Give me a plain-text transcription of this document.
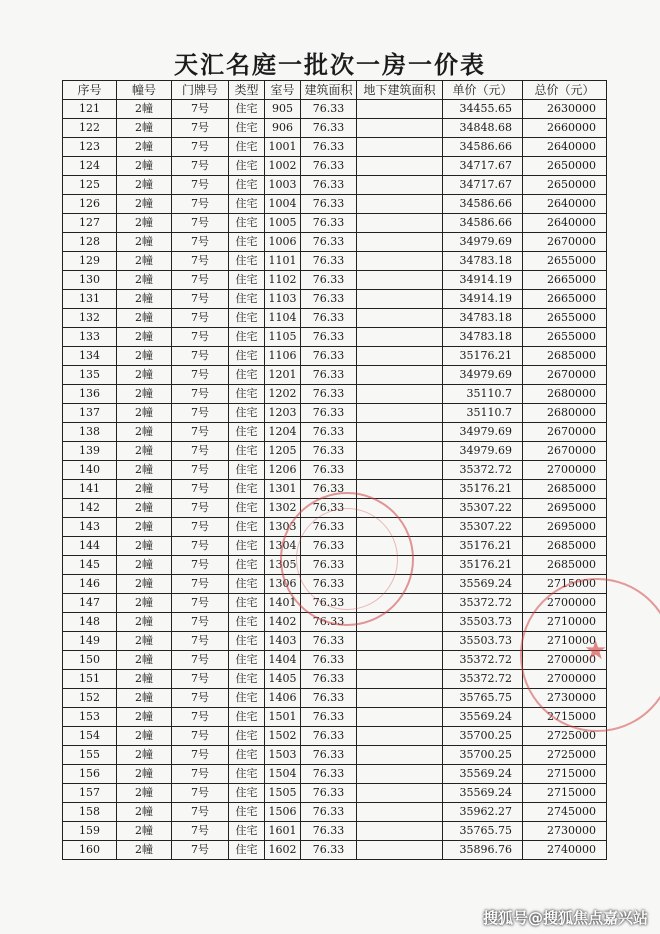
天汇名庭一批次一房一价表
序号	幢号	门牌号	类型	室号	建筑面积	地下建筑面积	单价（元）	总价（元）
121	2幢	7号	住宅	905	76.33		34455.65	2630000
122	2幢	7号	住宅	906	76.33		34848.68	2660000
123	2幢	7号	住宅	1001	76.33		34586.66	2640000
124	2幢	7号	住宅	1002	76.33		34717.67	2650000
125	2幢	7号	住宅	1003	76.33		34717.67	2650000
126	2幢	7号	住宅	1004	76.33		34586.66	2640000
127	2幢	7号	住宅	1005	76.33		34586.66	2640000
128	2幢	7号	住宅	1006	76.33		34979.69	2670000
129	2幢	7号	住宅	1101	76.33		34783.18	2655000
130	2幢	7号	住宅	1102	76.33		34914.19	2665000
131	2幢	7号	住宅	1103	76.33		34914.19	2665000
132	2幢	7号	住宅	1104	76.33		34783.18	2655000
133	2幢	7号	住宅	1105	76.33		34783.18	2655000
134	2幢	7号	住宅	1106	76.33		35176.21	2685000
135	2幢	7号	住宅	1201	76.33		34979.69	2670000
136	2幢	7号	住宅	1202	76.33		35110.7	2680000
137	2幢	7号	住宅	1203	76.33		35110.7	2680000
138	2幢	7号	住宅	1204	76.33		34979.69	2670000
139	2幢	7号	住宅	1205	76.33		34979.69	2670000
140	2幢	7号	住宅	1206	76.33		35372.72	2700000
141	2幢	7号	住宅	1301	76.33		35176.21	2685000
142	2幢	7号	住宅	1302	76.33		35307.22	2695000
143	2幢	7号	住宅	1303	76.33		35307.22	2695000
144	2幢	7号	住宅	1304	76.33		35176.21	2685000
145	2幢	7号	住宅	1305	76.33		35176.21	2685000
146	2幢	7号	住宅	1306	76.33		35569.24	2715000
147	2幢	7号	住宅	1401	76.33		35372.72	2700000
148	2幢	7号	住宅	1402	76.33		35503.73	2710000
149	2幢	7号	住宅	1403	76.33		35503.73	2710000
150	2幢	7号	住宅	1404	76.33		35372.72	2700000
151	2幢	7号	住宅	1405	76.33		35372.72	2700000
152	2幢	7号	住宅	1406	76.33		35765.75	2730000
153	2幢	7号	住宅	1501	76.33		35569.24	2715000
154	2幢	7号	住宅	1502	76.33		35700.25	2725000
155	2幢	7号	住宅	1503	76.33		35700.25	2725000
156	2幢	7号	住宅	1504	76.33		35569.24	2715000
157	2幢	7号	住宅	1505	76.33		35569.24	2715000
158	2幢	7号	住宅	1506	76.33		35962.27	2745000
159	2幢	7号	住宅	1601	76.33		35765.75	2730000
160	2幢	7号	住宅	1602	76.33		35896.76	2740000
★
搜狐号@搜狐焦点嘉兴站
